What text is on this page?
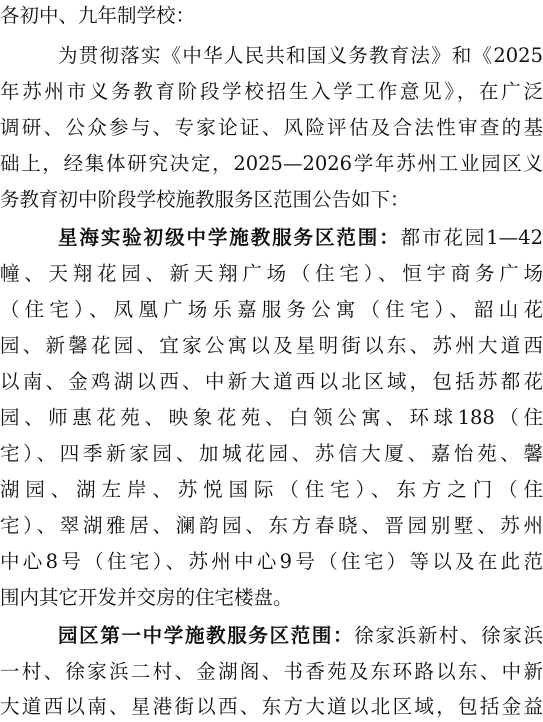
各初中、九年制学校：
为贯彻落实《中华人民共和国义务教育法》和《2025
年苏州市义务教育阶段学校招生入学工作意见》，在广泛
调研、公众参与、专家论证、风险评估及合法性审查的基
础上，经集体研究决定，2025—2026学年苏州工业园区义
务教育初中阶段学校施教服务区范围公告如下：
星海实验初级中学施教服务区范围：都市花园1—42
幢、天翔花园、新天翔广场（住宅）、恒宇商务广场
（住宅）、凤凰广场乐嘉服务公寓（住宅）、韶山花
园、新馨花园、宜家公寓以及星明街以东、苏州大道西
以南、金鸡湖以西、中新大道西以北区域，包括苏都花
园、师惠花苑、映象花苑、白领公寓、环球188（住
宅）、四季新家园、加城花园、苏信大厦、嘉怡苑、馨
湖园、湖左岸、苏悦国际（住宅）、东方之门（住
宅）、翠湖雅居、澜韵园、东方春晓、晋园别墅、苏州
中心8号（住宅）、苏州中心9号（住宅）等以及在此范
围内其它开发并交房的住宅楼盘。
园区第一中学施教服务区范围：徐家浜新村、徐家浜
一村、徐家浜二村、金湖阁、书香苑及东环路以东、中新
大道西以南、星港街以西、东方大道以北区域，包括金益
